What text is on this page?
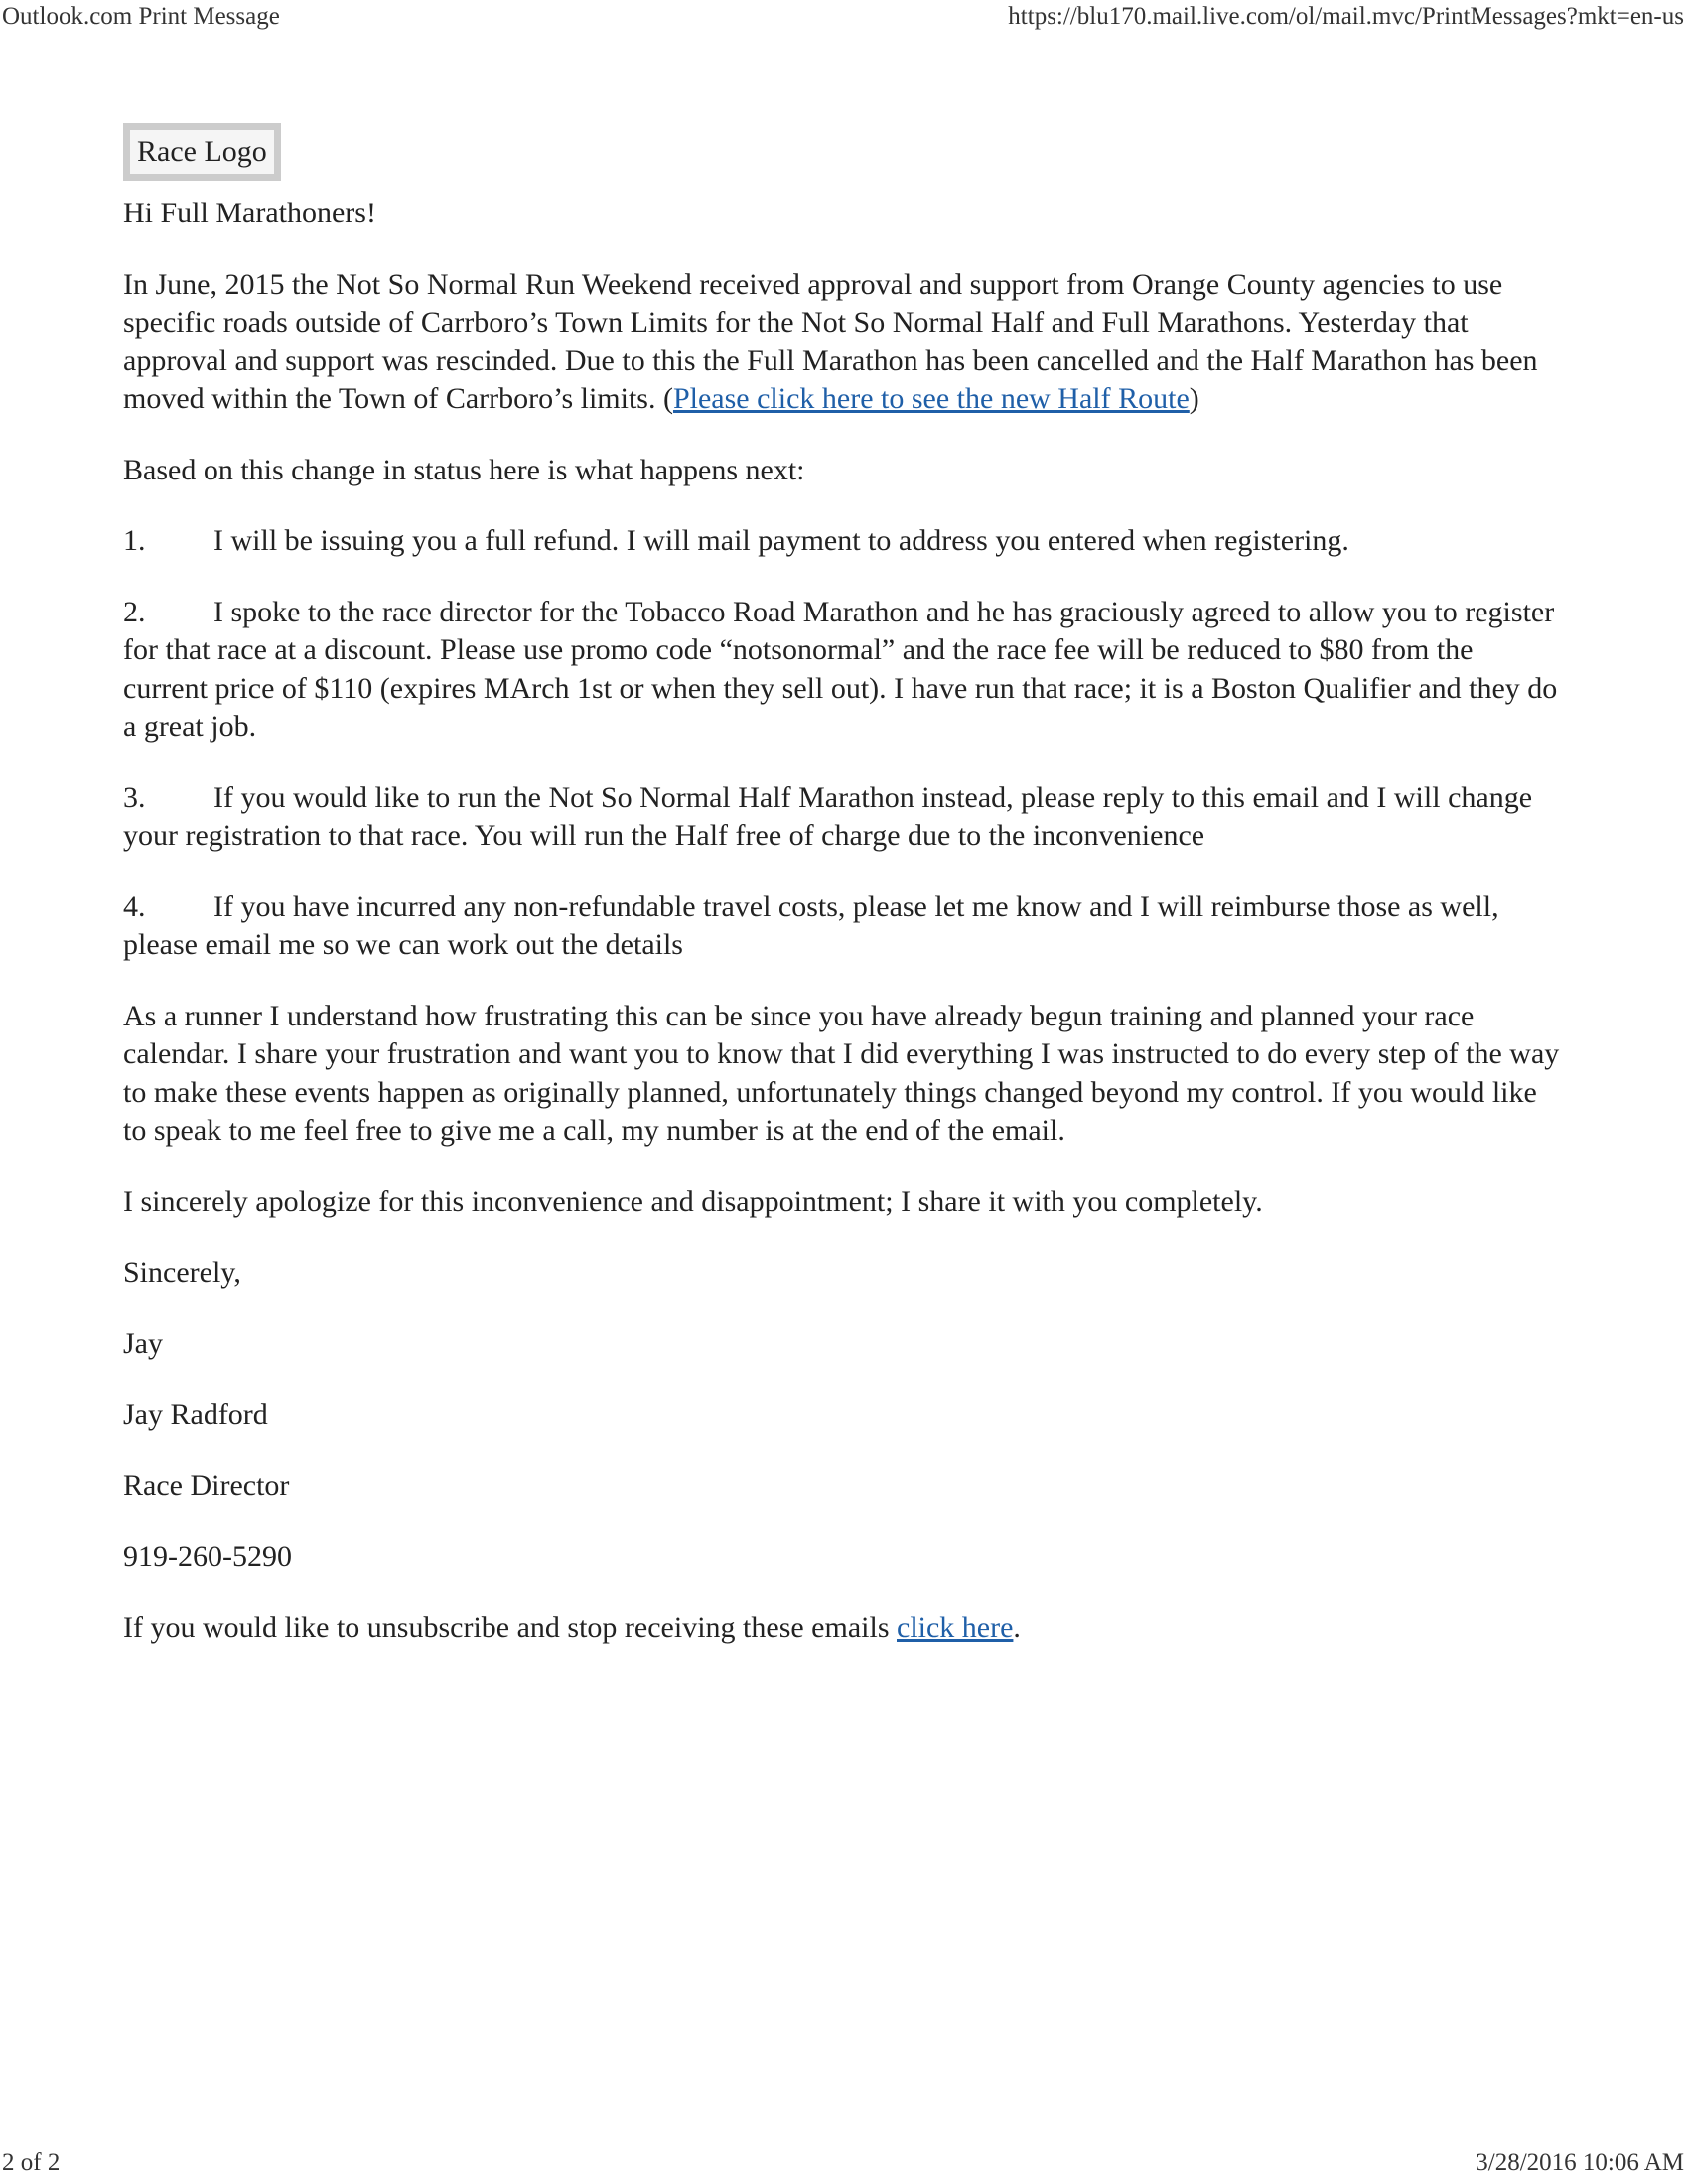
Outlook.com Print Message	https://blu170.mail.live.com/ol/mail.mvc/PrintMessages?mkt=en-us
Race Logo

Hi Full Marathoners!

In June, 2015 the Not So Normal Run Weekend received approval and support from Orange County agencies to use specific roads outside of Carrboro’s Town Limits for the Not So Normal Half and Full Marathons. Yesterday that approval and support was rescinded. Due to this the Full Marathon has been cancelled and the Half Marathon has been moved within the Town of Carrboro’s limits. (Please click here to see the new Half Route)

Based on this change in status here is what happens next:

1. I will be issuing you a full refund. I will mail payment to address you entered when registering.

2. I spoke to the race director for the Tobacco Road Marathon and he has graciously agreed to allow you to register for that race at a discount. Please use promo code “notsonormal” and the race fee will be reduced to $80 from the current price of $110 (expires MArch 1st or when they sell out). I have run that race; it is a Boston Qualifier and they do a great job.

3. If you would like to run the Not So Normal Half Marathon instead, please reply to this email and I will change your registration to that race. You will run the Half free of charge due to the inconvenience

4. If you have incurred any non-refundable travel costs, please let me know and I will reimburse those as well, please email me so we can work out the details

As a runner I understand how frustrating this can be since you have already begun training and planned your race calendar. I share your frustration and want you to know that I did everything I was instructed to do every step of the way to make these events happen as originally planned, unfortunately things changed beyond my control. If you would like to speak to me feel free to give me a call, my number is at the end of the email.

I sincerely apologize for this inconvenience and disappointment; I share it with you completely.

Sincerely,

Jay

Jay Radford

Race Director

919-260-5290

If you would like to unsubscribe and stop receiving these emails click here.

2 of 2	3/28/2016 10:06 AM
